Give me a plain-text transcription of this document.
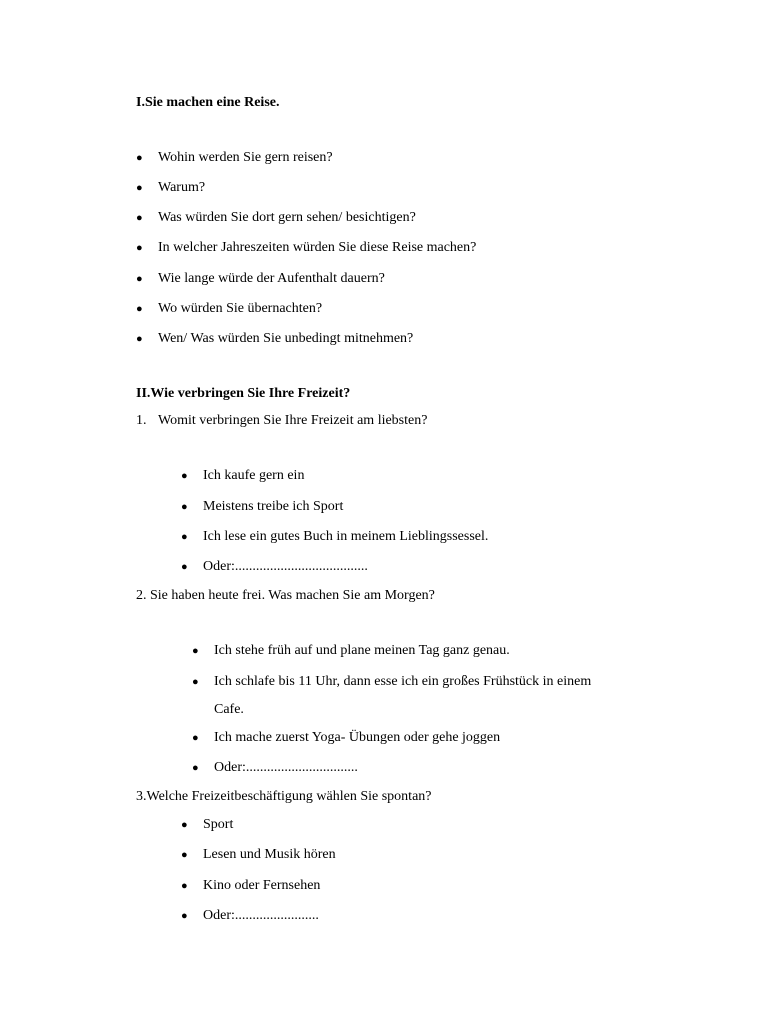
I.Sie machen eine Reise.
● Wohin werden Sie gern reisen?
● Warum?
● Was würden Sie dort gern sehen/ besichtigen?
● In welcher Jahreszeiten würden Sie diese Reise machen?
● Wie lange würde der Aufenthalt dauern?
● Wo würden Sie übernachten?
● Wen/ Was würden Sie unbedingt mitnehmen?
II.Wie verbringen Sie Ihre Freizeit?
1. Womit verbringen Sie Ihre Freizeit am liebsten?
● Ich kaufe gern ein
● Meistens treibe ich Sport
● Ich lese ein gutes Buch in meinem Lieblingssessel.
● Oder:......................................
2. Sie haben heute frei. Was machen Sie am Morgen?
● Ich stehe früh auf und plane meinen Tag ganz genau.
● Ich schlafe bis 11 Uhr, dann esse ich ein großes Frühstück in einem
Cafe.
● Ich mache zuerst Yoga- Übungen oder gehe joggen
● Oder:................................
3.Welche Freizeitbeschäftigung wählen Sie spontan?
● Sport
● Lesen und Musik hören
● Kino oder Fernsehen
● Oder:........................
